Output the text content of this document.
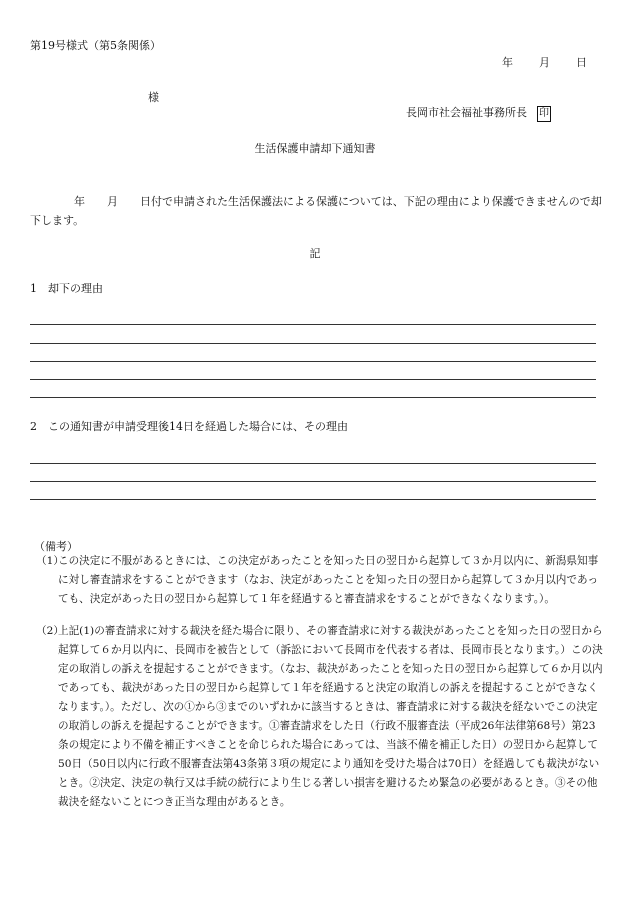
第19号様式（第5条関係）
年 月 日
様
長岡市社会福祉事務所長 印
生活保護申請却下通知書
　　　　年　　月　　日付で申請された生活保護法による保護については、下記の理由により保護できませんので却下します。
記
1　却下の理由
2　この通知書が申請受理後14日を経過した場合には、その理由
（備考）
（1）
この決定に不服があるときには、この決定があったことを知った日の翌日から起算して３か月以内に、新潟県知事に対し審査請求をすることができます（なお、決定があったことを知った日の翌日から起算して３か月以内であっても、決定があった日の翌日から起算して１年を経過すると審査請求をすることができなくなります。）。
（2）
上記(1)の審査請求に対する裁決を経た場合に限り、その審査請求に対する裁決があったことを知った日の翌日から起算して６か月以内に、長岡市を被告として（訴訟において長岡市を代表する者は、長岡市長となります。）この決定の取消しの訴えを提起することができます。（なお、裁決があったことを知った日の翌日から起算して６か月以内であっても、裁決があった日の翌日から起算して１年を経過すると決定の取消しの訴えを提起することができなくなります。）。ただし、次の①から③までのいずれかに該当するときは、審査請求に対する裁決を経ないでこの決定の取消しの訴えを提起することができます。①審査請求をした日（行政不服審査法（平成26年法律第68号）第23条の規定により不備を補正すべきことを命じられた場合にあっては、当該不備を補正した日）の翌日から起算して50日（50日以内に行政不服審査法第43条第３項の規定により通知を受けた場合は70日）を経過しても裁決がないとき。②決定、決定の執行又は手続の続行により生じる著しい損害を避けるため緊急の必要があるとき。③その他裁決を経ないことにつき正当な理由があるとき。
